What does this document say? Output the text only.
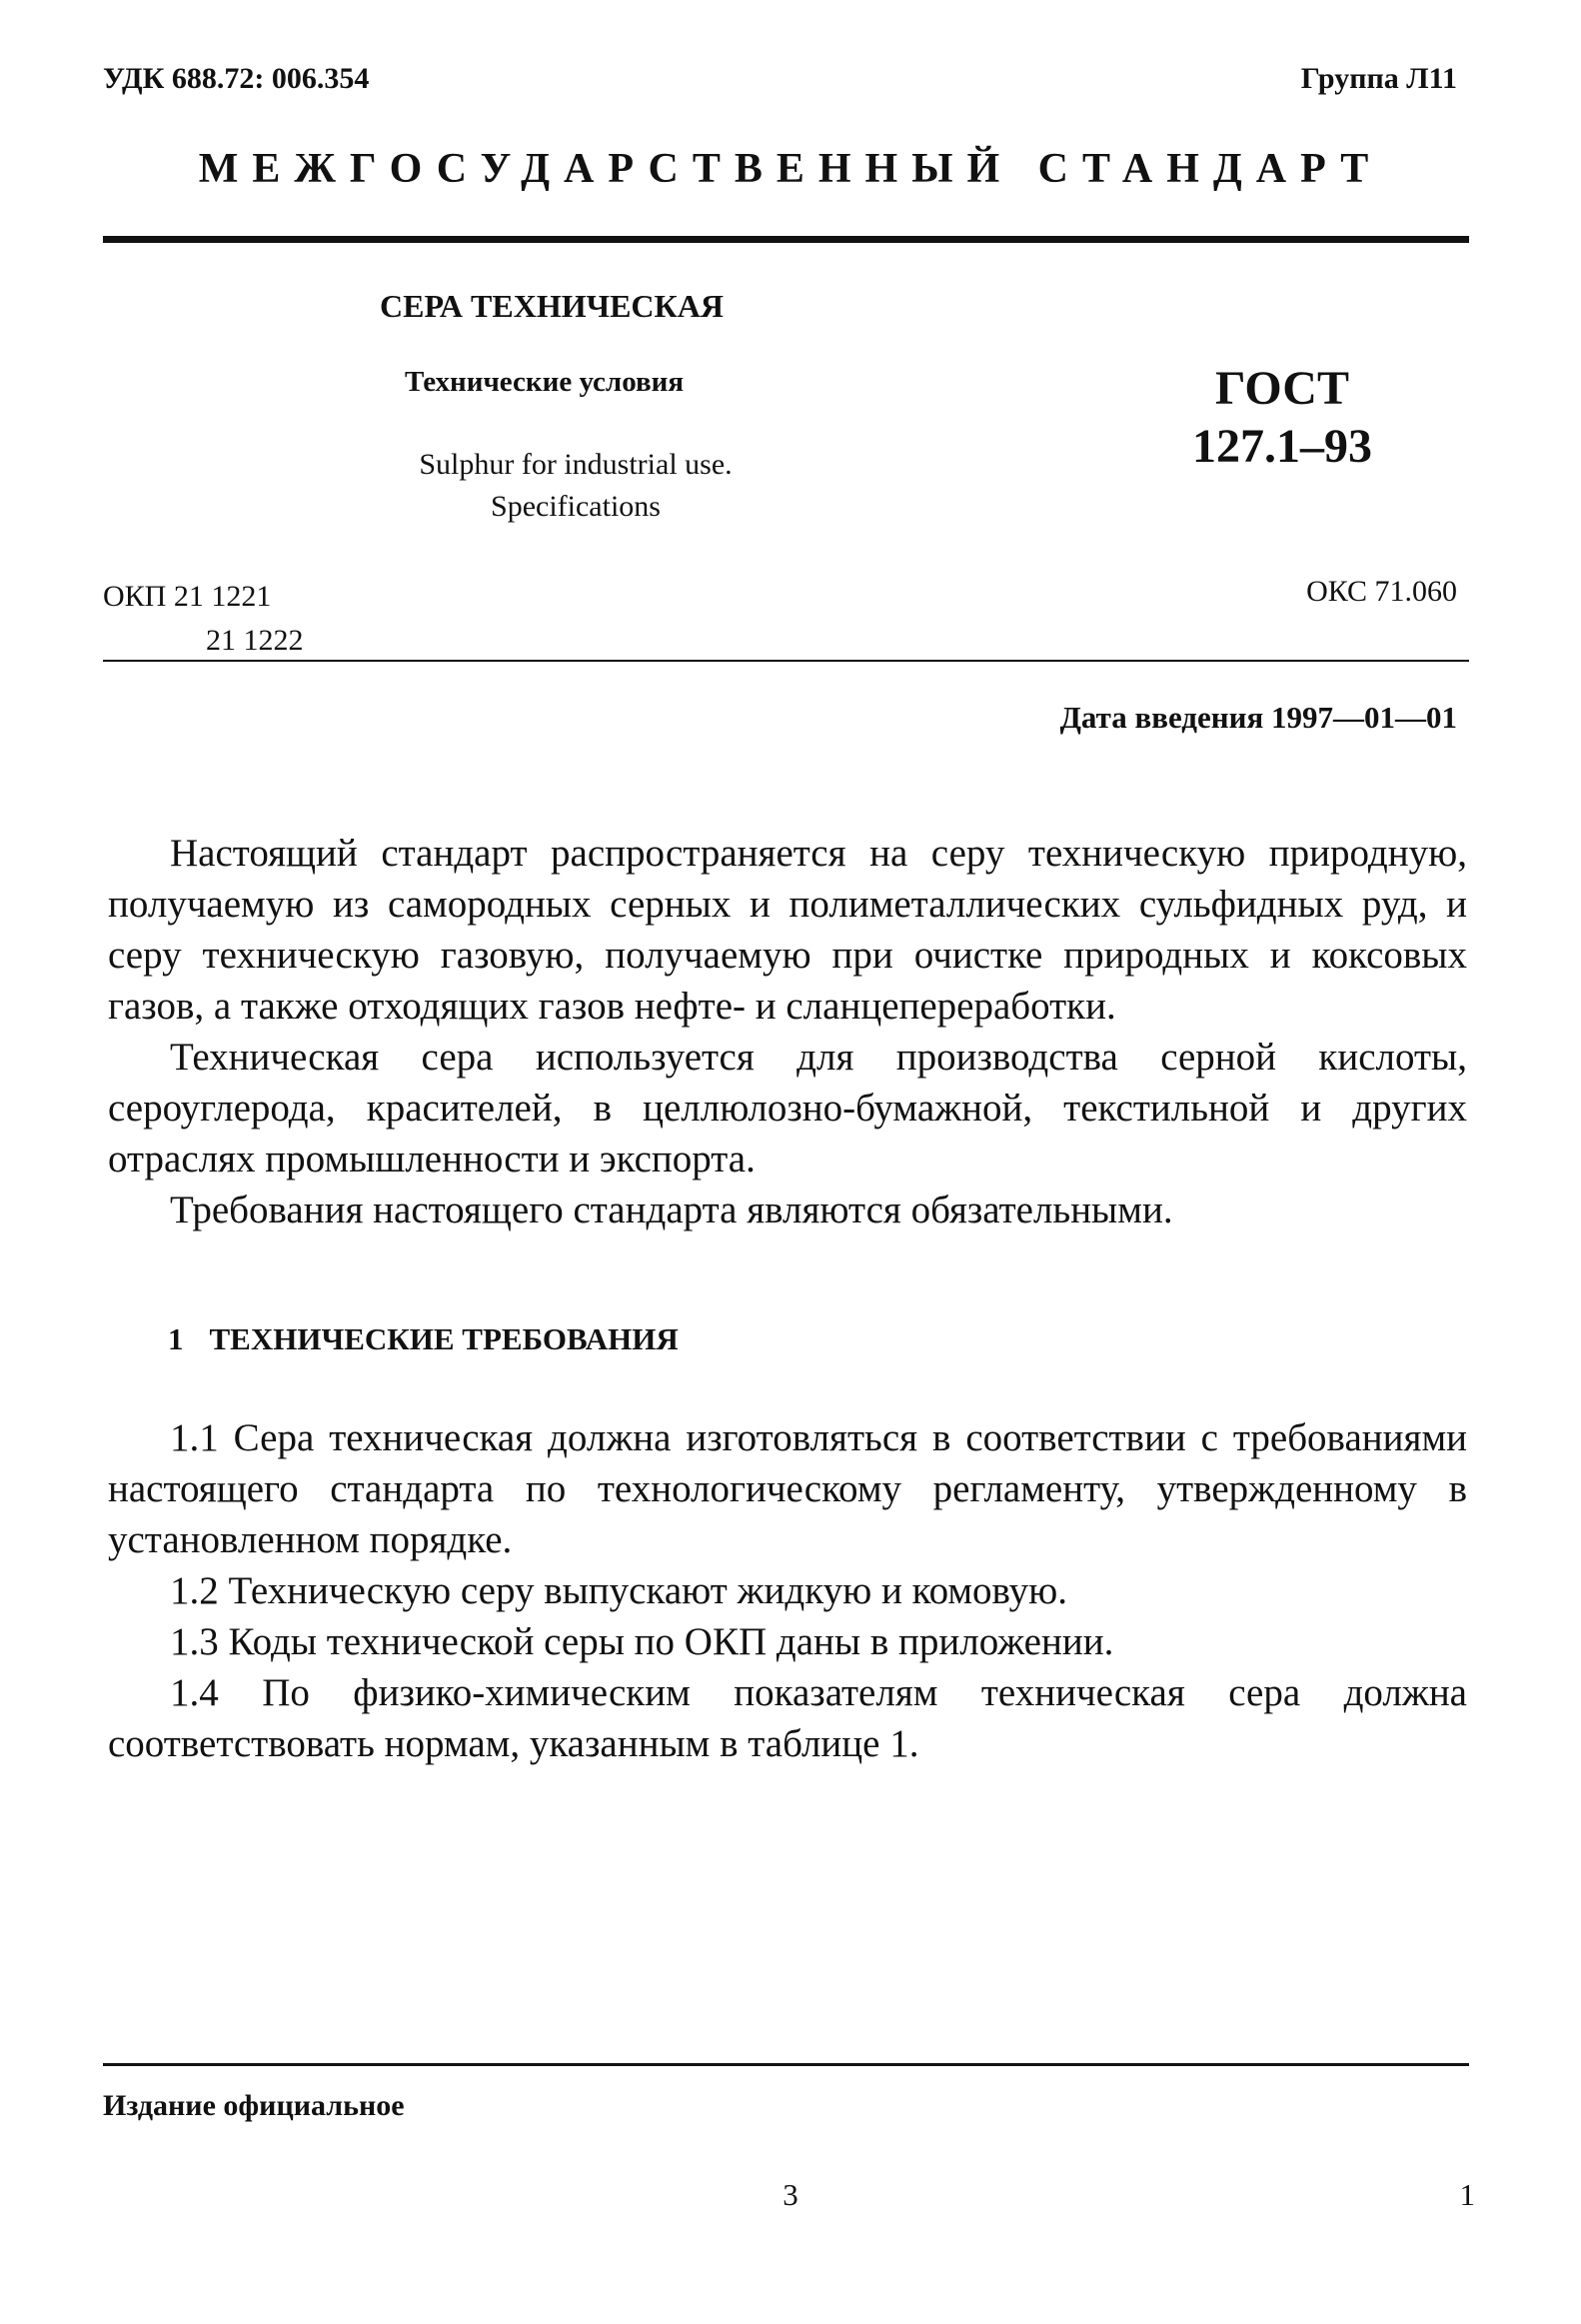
УДК 688.72: 006.354	Группа Л11
МЕЖГОСУДАРСТВЕННЫЙ СТАНДАРТ
СЕРА ТЕХНИЧЕСКАЯ
Технические условия
Sulphur for industrial use.
Specifications
ГОСТ
127.1–93
ОКП 21 1221
21 1222
ОКС 71.060
Дата введения 1997—01—01

Настоящий стандарт распространяется на серу техническую природную, получаемую из самородных серных и полиметаллических сульфидных руд, и серу техническую газовую, получаемую при очистке природных и коксовых газов, а также отходящих газов нефте- и сланцепереработки.

Техническая сера используется для производства серной кислоты, сероуглерода, красителей, в целлюлозно-бумажной, текстильной и других отраслях промышленности и экспорта.

Требования настоящего стандарта являются обязательными.

1 ТЕХНИЧЕСКИЕ ТРЕБОВАНИЯ

1.1 Сера техническая должна изготовляться в соответствии с требованиями настоящего стандарта по технологическому регламенту, утвержденному в установленном порядке.

1.2 Техническую серу выпускают жидкую и комовую.

1.3 Коды технической серы по ОКП даны в приложении.

1.4 По физико-химическим показателям техническая сера должна соответствовать нормам, указанным в таблице 1.

Издание официальное
3	1
